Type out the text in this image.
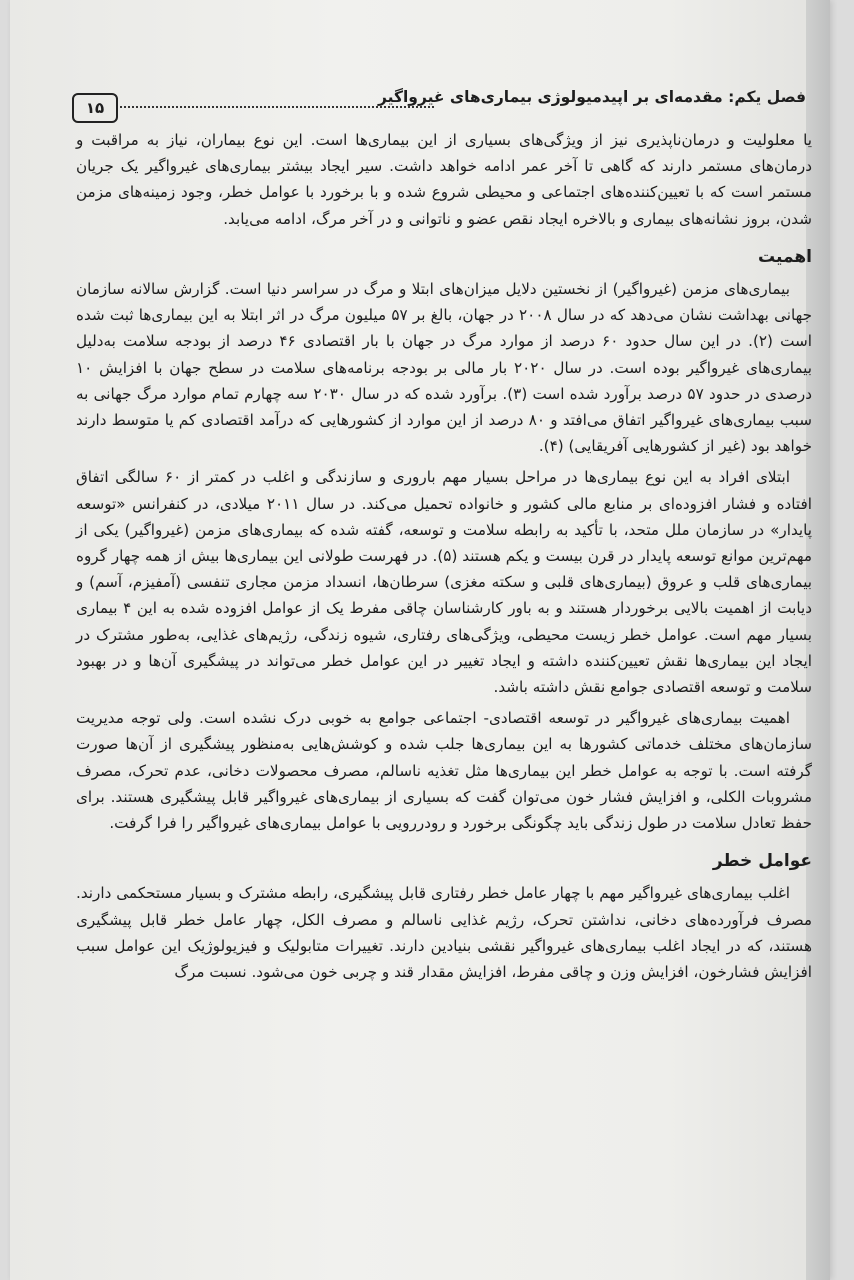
فصل یکم: مقدمه‌ای بر اپیدمیولوژی بیماری‌های غیرواگیر
۱۵

یا معلولیت و درمان‌ناپذیری نیز از ویژگی‌های بسیاری از این بیماری‌ها است. این نوع بیماران، نیاز به مراقبت و درمان‌های مستمر دارند که گاهی تا آخر عمر ادامه خواهد داشت. سیر ایجاد بیشتر بیماری‌های غیرواگیر یک جریان مستمر است که با تعیین‌کننده‌های اجتماعی و محیطی شروع شده و با برخورد با عوامل خطر، وجود زمینه‌های مزمن شدن، بروز نشانه‌های بیماری و بالاخره ایجاد نقص عضو و ناتوانی و در آخر مرگ، ادامه می‌یابد.

اهمیت

بیماری‌های مزمن (غیرواگیر) از نخستین دلایل میزان‌های ابتلا و مرگ در سراسر دنیا است. گزارش سالانه سازمان جهانی بهداشت نشان می‌دهد که در سال ۲۰۰۸ در جهان، بالغ بر ۵۷ میلیون مرگ در اثر ابتلا به این بیماری‌ها ثبت شده است (۲). در این سال حدود ۶۰ درصد از موارد مرگ در جهان با بار اقتصادی ۴۶ درصد از بودجه سلامت به‌دلیل بیماری‌های غیرواگیر بوده است. در سال ۲۰۲۰ بار مالی بر بودجه برنامه‌های سلامت در سطح جهان با افزایش ۱۰ درصدی در حدود ۵۷ درصد برآورد شده است (۳). برآورد شده که در سال ۲۰۳۰ سه چهارم تمام موارد مرگ جهانی به سبب بیماری‌های غیرواگیر اتفاق می‌افتد و ۸۰ درصد از این موارد از کشورهایی که درآمد اقتصادی کم یا متوسط دارند خواهد بود (غیر از کشورهایی آفریقایی) (۴).

ابتلای افراد به این نوع بیماری‌ها در مراحل بسیار مهم باروری و سازندگی و اغلب در کمتر از ۶۰ سالگی اتفاق افتاده و فشار افزوده‌ای بر منابع مالی کشور و خانواده تحمیل می‌کند. در سال ۲۰۱۱ میلادی، در کنفرانس «توسعه پایدار» در سازمان ملل متحد، با تأکید به رابطه سلامت و توسعه، گفته شده که بیماری‌های مزمن (غیرواگیر) یکی از مهم‌ترین موانع توسعه پایدار در قرن بیست و یکم هستند (۵). در فهرست طولانی این بیماری‌ها بیش از همه چهار گروه بیماری‌های قلب و عروق (بیماری‌های قلبی و سکته مغزی) سرطان‌ها، انسداد مزمن مجاری تنفسی (آمفیزم، آسم) و دیابت از اهمیت بالایی برخوردار هستند و به باور کارشناسان چاقی مفرط یک از عوامل افزوده شده به این ۴ بیماری بسیار مهم است. عوامل خطر زیست محیطی، ویژگی‌های رفتاری، شیوه زندگی، رژیم‌های غذایی، به‌طور مشترک در ایجاد این بیماری‌ها نقش تعیین‌کننده داشته و ایجاد تغییر در این عوامل خطر می‌تواند در پیشگیری آن‌ها و در بهبود سلامت و توسعه اقتصادی جوامع نقش داشته باشد.

اهمیت بیماری‌های غیرواگیر در توسعه اقتصادی- اجتماعی جوامع به خوبی درک نشده است. ولی توجه مدیریت سازمان‌های مختلف خدماتی کشورها به این بیماری‌ها جلب شده و کوشش‌هایی به‌منظور پیشگیری از آن‌ها صورت گرفته است. با توجه به عوامل خطر این بیماری‌ها مثل تغذیه ناسالم، مصرف محصولات دخانی، عدم تحرک، مصرف مشروبات الکلی، و افزایش فشار خون می‌توان گفت که بسیاری از بیماری‌های غیرواگیر قابل پیشگیری هستند. برای حفظ تعادل سلامت در طول زندگی باید چگونگی برخورد و رودررویی با عوامل بیماری‌های غیرواگیر را فرا گرفت.

عوامل خطر

اغلب بیماری‌های غیرواگیر مهم با چهار عامل خطر رفتاری قابل پیشگیری، رابطه مشترک و بسیار مستحکمی دارند. مصرف فرآورده‌های دخانی، نداشتن تحرک، رژیم غذایی ناسالم و مصرف الکل، چهار عامل خطر قابل پیشگیری هستند، که در ایجاد اغلب بیماری‌های غیرواگیر نقشی بنیادین دارند. تغییرات متابولیک و فیزیولوژیک این عوامل سبب افزایش فشارخون، افزایش وزن و چاقی مفرط، افزایش مقدار قند و چربی خون می‌شود. نسبت مرگ
